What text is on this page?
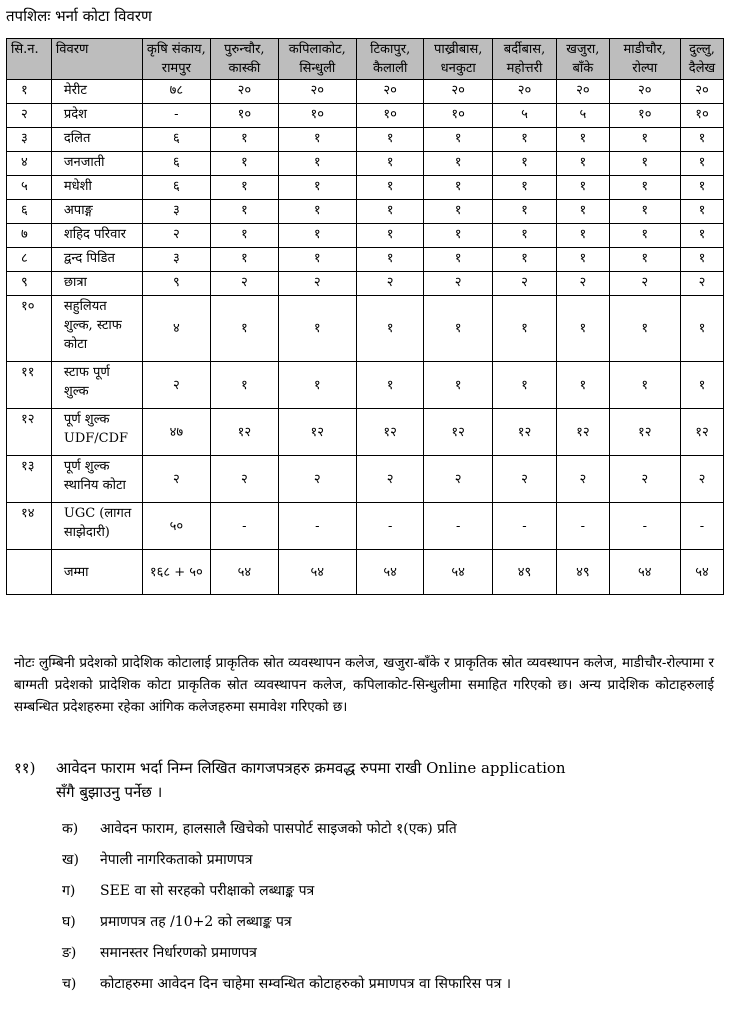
तपशिलः भर्ना कोटा विवरण
सि.न.	विवरण	कृषि संकाय, रामपुर	पुरुन्चौर, कास्की	कपिलाकोट, सिन्धुली	टिकापुर, कैलाली	पाख्रीबास, धनकुटा	बर्दीबास, महोत्तरी	खजुरा, बाँके	माडीचौर, रोल्पा	दुल्लु, दैलेख
१	मेरीट	७८	२०	२०	२०	२०	२०	२०	२०	२०
२	प्रदेश	-	१०	१०	१०	१०	५	५	१०	१०
३	दलित	६	१	१	१	१	१	१	१	१
४	जनजाती	६	१	१	१	१	१	१	१	१
५	मधेशी	६	१	१	१	१	१	१	१	१
६	अपाङ्ग	३	१	१	१	१	१	१	१	१
७	शहिद परिवार	२	१	१	१	१	१	१	१	१
८	द्वन्द पिडित	३	१	१	१	१	१	१	१	१
९	छात्रा	९	२	२	२	२	२	२	२	२
१०	सहुलियत शुल्क, स्टाफ कोटा	४	१	१	१	१	१	१	१	१
११	स्टाफ पूर्ण शुल्क	२	१	१	१	१	१	१	१	१
१२	पूर्ण शुल्क UDF/CDF	४७	१२	१२	१२	१२	१२	१२	१२	१२
१३	पूर्ण शुल्क स्थानिय कोटा	२	२	२	२	२	२	२	२	२
१४	UGC (लागत साझेदारी)	५०	-	-	-	-	-	-	-	-
	जम्मा	१६८ + ५०	५४	५४	५४	५४	४९	४९	५४	५४
नोटः लुम्बिनी प्रदेशको प्रादेशिक कोटालाई प्राकृतिक स्रोत व्यवस्थापन कलेज, खजुरा-बाँके र प्राकृतिक स्रोत व्यवस्थापन कलेज, माडीचौर-रोल्पामा र बाग्मती प्रदेशको प्रादेशिक कोटा प्राकृतिक स्रोत व्यवस्थापन कलेज, कपिलाकोट-सिन्धुलीमा समाहित गरिएको छ। अन्य प्रादेशिक कोटाहरुलाई सम्बन्धित प्रदेशहरुमा रहेका आंगिक कलेजहरुमा समावेश गरिएको छ।
११) आवेदन फाराम भर्दा निम्न लिखित कागजपत्रहरु क्रमवद्ध रुपमा राखी Online application
सँगै बुझाउनु पर्नेछ ।
क) आवेदन फाराम, हालसालै खिचेको पासपोर्ट साइजको फोटो १(एक) प्रति
ख) नेपाली नागरिकताको प्रमाणपत्र
ग) SEE वा सो सरहको परीक्षाको लब्धाङ्क पत्र
घ) प्रमाणपत्र तह /10+2 को लब्धाङ्क पत्र
ङ) समानस्तर निर्धारणको प्रमाणपत्र
च) कोटाहरुमा आवेदन दिन चाहेमा सम्वन्धित कोटाहरुको प्रमाणपत्र वा सिफारिस पत्र ।
